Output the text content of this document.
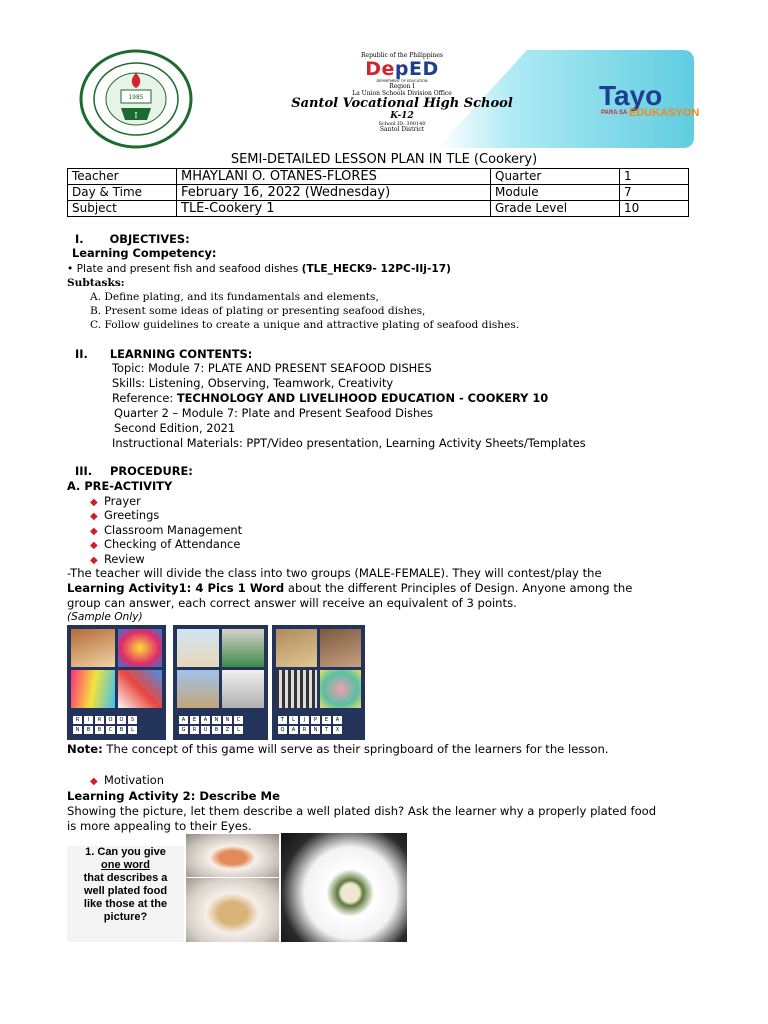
1985
I
Republic of the Philippines
DepED
DEPARTMENT OF EDUCATION
Region I
La Union Schools Division Office
Santol Vocational High School
K-12
School ID: 300140
Santol District
Tayo
PARA SA EDUKASYON
SEMI-DETAILED LESSON PLAN IN TLE (Cookery)
Teacher	MHAYLANI O. OTANES-FLORES	Quarter	1
Day & Time	February 16, 2022 (Wednesday)	Module	7
Subject	TLE-Cookery 1	Grade Level	10
I. OBJECTIVES:
Learning Competency:
• Plate and present fish and seafood dishes (TLE_HECK9- 12PC-IIj-17)
Subtasks:
A. Define plating, and its fundamentals and elements,
B. Present some ideas of plating or presenting seafood dishes,
C. Follow guidelines to create a unique and attractive plating of seafood dishes.
II. LEARNING CONTENTS:
Topic: Module 7: PLATE AND PRESENT SEAFOOD DISHES
Skills: Listening, Observing, Teamwork, Creativity
Reference: TECHNOLOGY AND LIVELIHOOD EDUCATION - COOKERY 10
Quarter 2 – Module 7: Plate and Present Seafood Dishes
Second Edition, 2021
Instructional Materials: PPT/Video presentation, Learning Activity Sheets/Templates
III. PROCEDURE:
A. PRE-ACTIVITY
◆ Prayer
◆ Greetings
◆ Classroom Management
◆ Checking of Attendance
◆ Review
-The teacher will divide the class into two groups (MALE-FEMALE). They will contest/play the
Learning Activity1: 4 Pics 1 Word about the different Principles of Design. Anyone among the
group can answer, each correct answer will receive an equivalent of 3 points.
(Sample Only)
R	I	R	O	O	S
N	B	B	C	B	L
A	E	A	N	N	C
G	R	U	B	Z	L
T	L	J	P	E	A
Q	A	R	N	T	X
Note: The concept of this game will serve as their springboard of the learners for the lesson.
◆ Motivation
Learning Activity 2: Describe Me
Showing the picture, let them describe a well plated dish? Ask the learner why a properly plated food
is more appealing to their Eyes.
1. Can you give
one word
that describes a
well plated food
like those at the
picture?
